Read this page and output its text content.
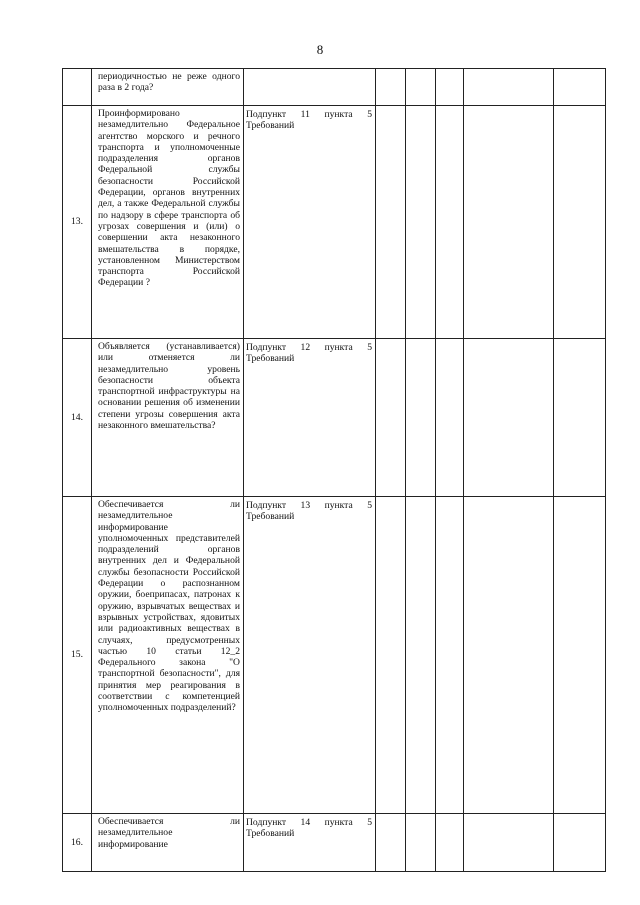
8
	периодичностью не реже одного раза в 2 года?						
13.	Проинформировано незамедлительно Федеральное агентство морского и речного транспорта и уполномоченные подразделения органов Федеральной службы безопасности Российской Федерации, органов внутренних дел, а также Федеральной службы по надзору в сфере транспорта об угрозах совершения и (или) о совершении акта незаконного вмешательства в порядке, установленном Министерством транспорта Российской Федерации ?	Подпункт 11 пункта 5 Требований					
14.	Объявляется (устанавливается) или отменяется ли незамедлительно уровень безопасности объекта транспортной инфраструктуры на основании решения об изменении степени угрозы совершения акта незаконного вмешательства?	Подпункт 12 пункта 5 Требований					
15.	Обеспечивается ли незамедлительное информирование уполномоченных представителей подразделений органов внутренних дел и Федеральной службы безопасности Российской Федерации о распознанном оружии, боеприпасах, патронах к оружию, взрывчатых веществах и взрывных устройствах, ядовитых или радиоактивных веществах в случаях, предусмотренных частью 10 статьи 12_2 Федерального закона "О транспортной безопасности", для принятия мер реагирования в соответствии с компетенцией уполномоченных подразделений?	Подпункт 13 пункта 5 Требований					
16.	Обеспечивается ли незамедлительное информирование	Подпункт 14 пункта 5 Требований					
